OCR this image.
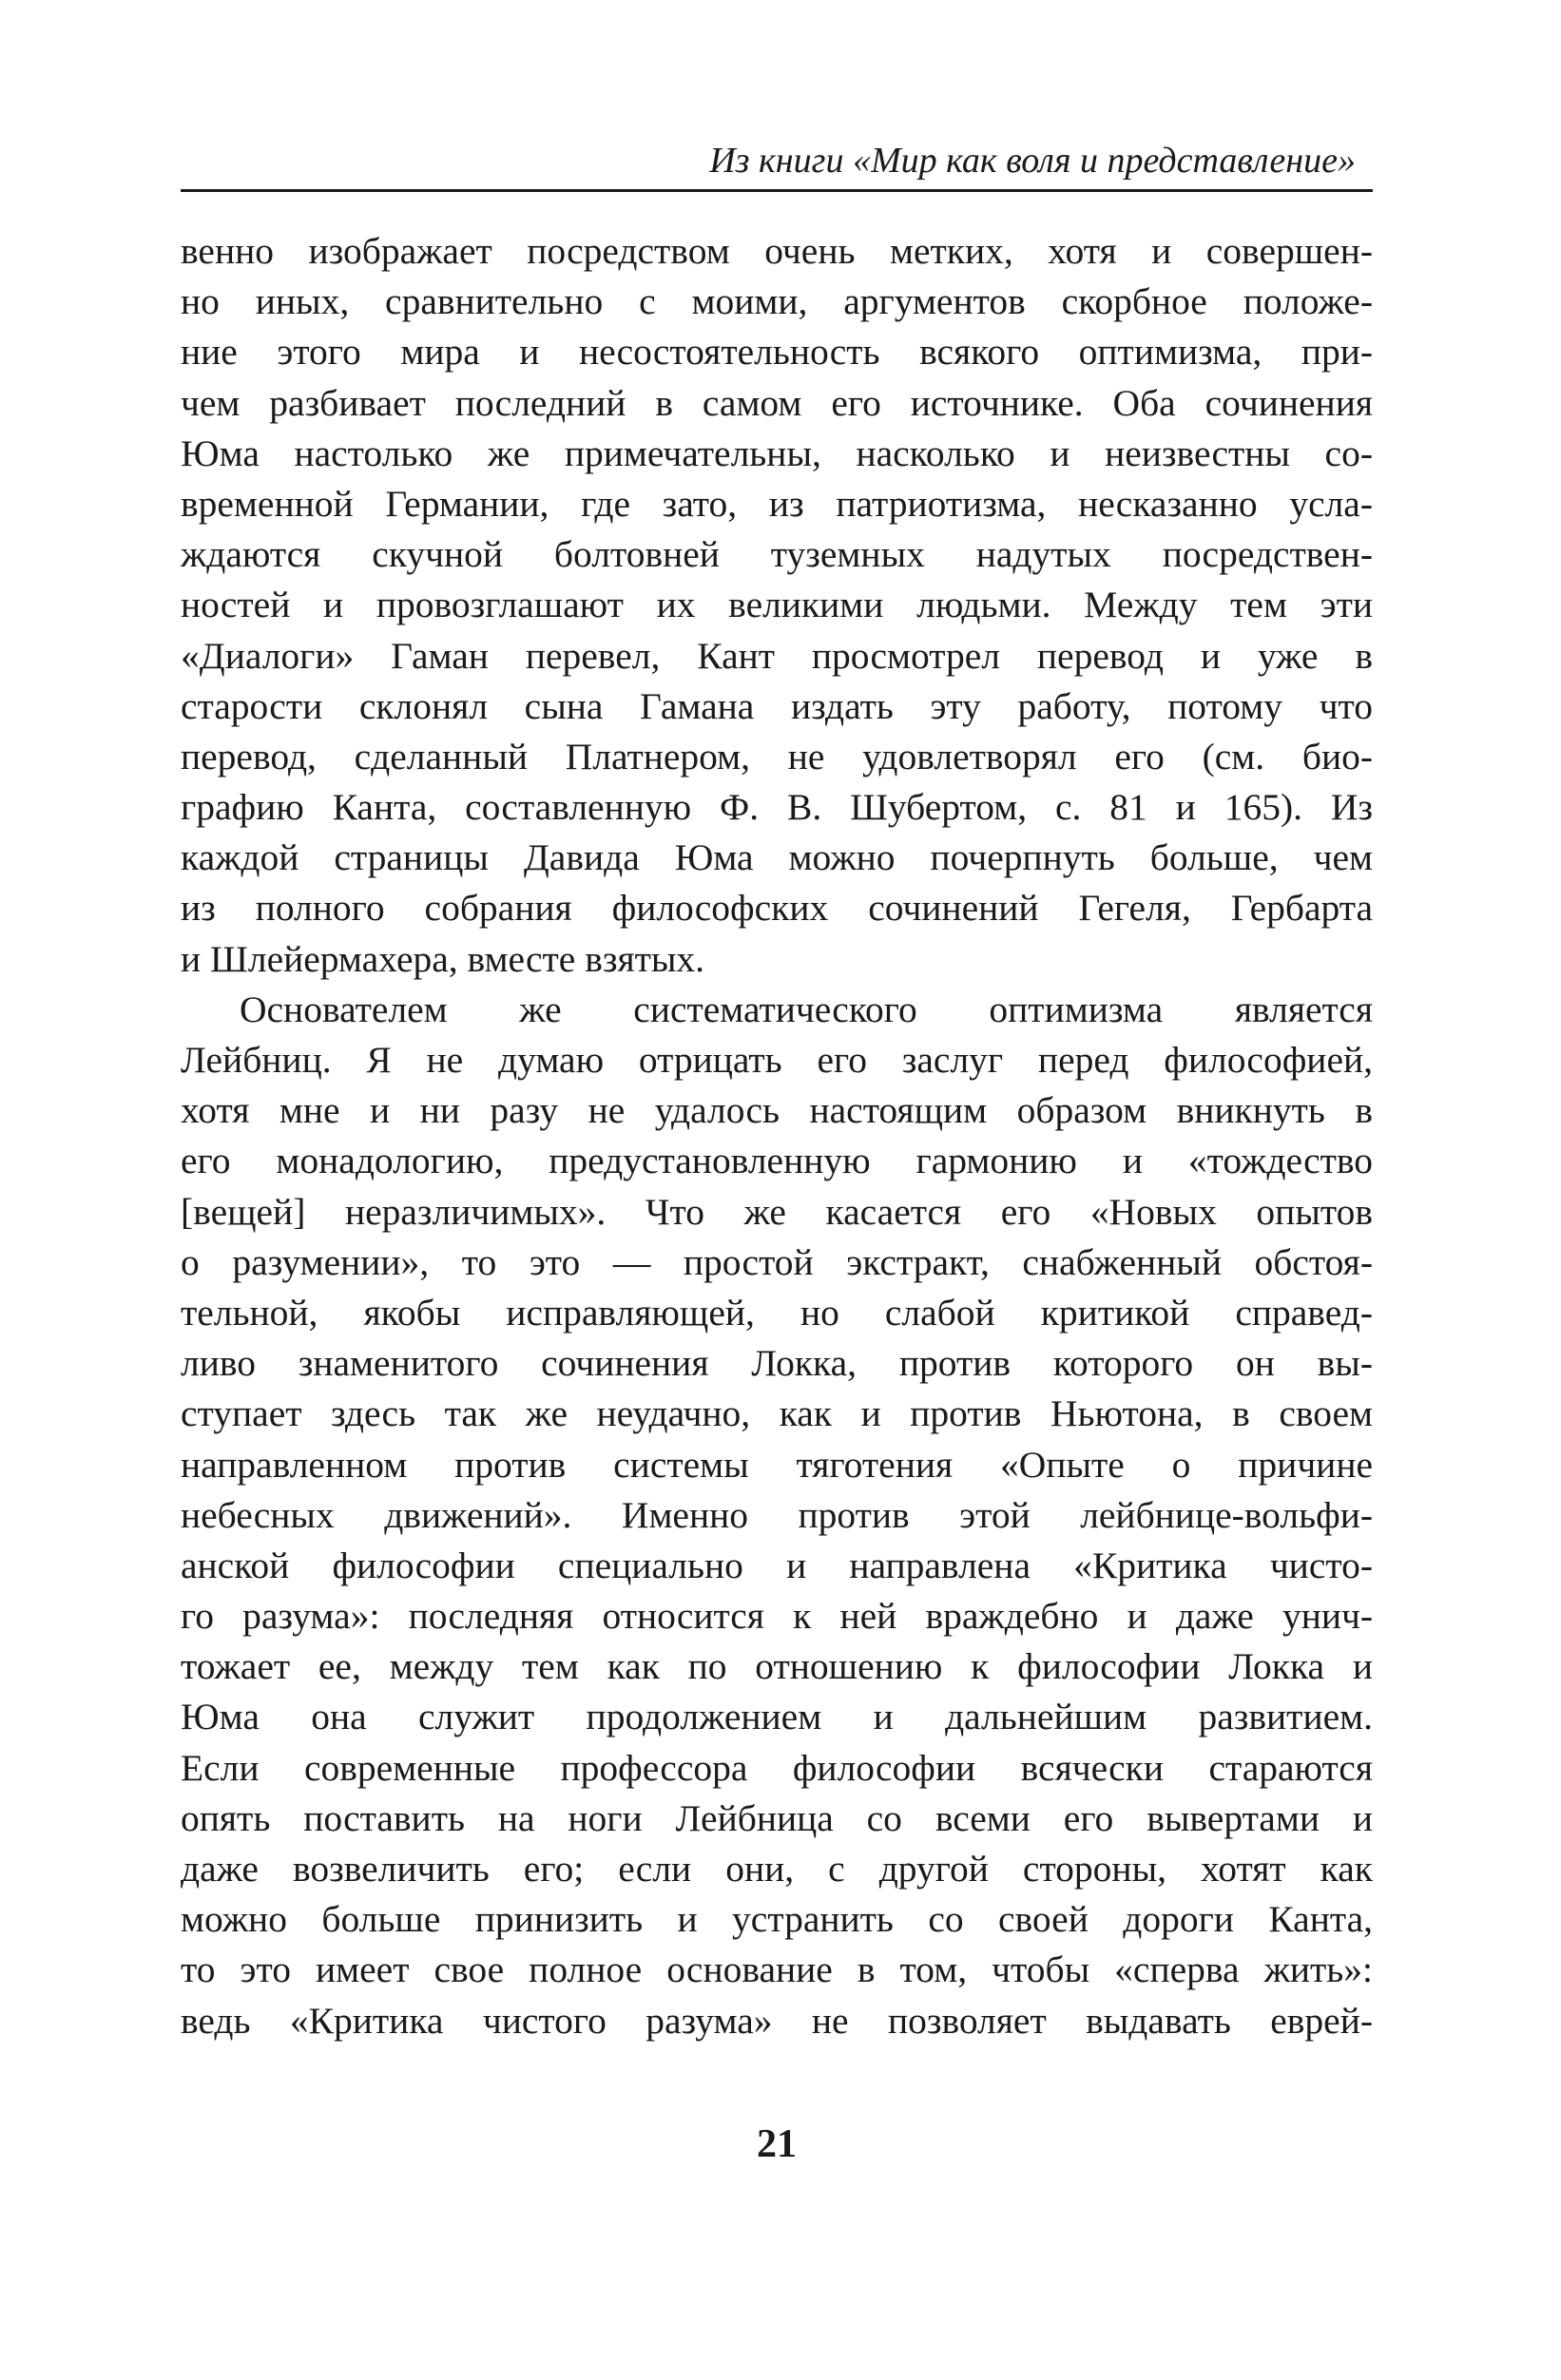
Из книги «Мир как воля и представление»
венно изображает посредством очень метких, хотя и совершен-
но иных, сравнительно с моими, аргументов скорбное положе-
ние этого мира и несостоятельность всякого оптимизма, при-
чем разбивает последний в самом его источнике. Оба сочинения
Юма настолько же примечательны, насколько и неизвестны со-
временной Германии, где зато, из патриотизма, несказанно усла-
ждаются скучной болтовней туземных надутых посредствен-
ностей и провозглашают их великими людьми. Между тем эти
«Диалоги» Гаман перевел, Кант просмотрел перевод и уже в
старости склонял сына Гамана издать эту работу, потому что
перевод, сделанный Платнером, не удовлетворял его (см. био-
графию Канта, составленную Ф. В. Шубертом, с. 81 и 165). Из
каждой страницы Давида Юма можно почерпнуть больше, чем
из полного собрания философских сочинений Гегеля, Гербарта
и Шлейермахера, вместе взятых.
Основателем же систематического оптимизма является
Лейбниц. Я не думаю отрицать его заслуг перед философией,
хотя мне и ни разу не удалось настоящим образом вникнуть в
его монадологию, предустановленную гармонию и «тождество
[вещей] неразличимых». Что же касается его «Новых опытов
о разумении», то это — простой экстракт, снабженный обстоя-
тельной, якобы исправляющей, но слабой критикой справед-
ливо знаменитого сочинения Локка, против которого он вы-
ступает здесь так же неудачно, как и против Ньютона, в своем
направленном против системы тяготения «Опыте о причине
небесных движений». Именно против этой лейбнице-вольфи-
анской философии специально и направлена «Критика чисто-
го разума»: последняя относится к ней враждебно и даже унич-
тожает ее, между тем как по отношению к философии Локка и
Юма она служит продолжением и дальнейшим развитием.
Если современные профессора философии всячески стараются
опять поставить на ноги Лейбница со всеми его вывертами и
даже возвеличить его; если они, с другой стороны, хотят как
можно больше принизить и устранить со своей дороги Канта,
то это имеет свое полное основание в том, чтобы «сперва жить»:
ведь «Критика чистого разума» не позволяет выдавать еврей-
21
